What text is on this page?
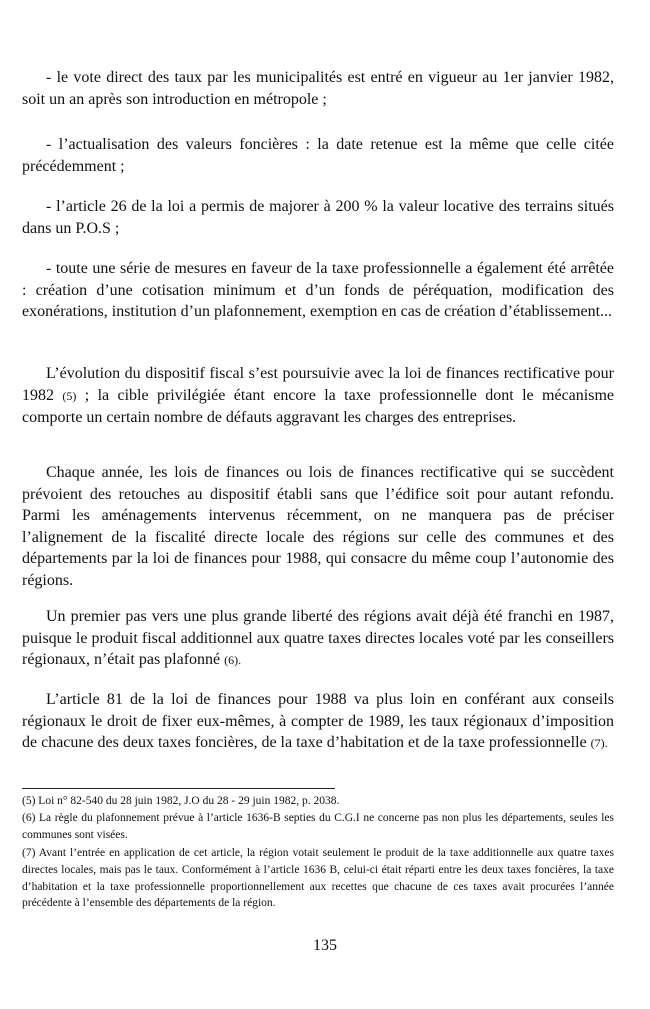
- le vote direct des taux par les municipalités est entré en vigueur au 1er janvier 1982, soit un an après son introduction en métropole ;

- l’actualisation des valeurs foncières : la date retenue est la même que celle citée précédemment ;

- l’article 26 de la loi a permis de majorer à 200 % la valeur locative des terrains situés dans un P.O.S ;

- toute une série de mesures en faveur de la taxe professionnelle a également été arrêtée : création d’une cotisation minimum et d’un fonds de péréquation, modification des exonérations, institution d’un plafonnement, exemption en cas de création d’établissement...

L’évolution du dispositif fiscal s’est poursuivie avec la loi de finances rectificative pour 1982 (5) ; la cible privilégiée étant encore la taxe professionnelle dont le mécanisme comporte un certain nombre de défauts aggravant les charges des entreprises.

Chaque année, les lois de finances ou lois de finances rectificative qui se succèdent prévoient des retouches au dispositif établi sans que l’édifice soit pour autant refondu. Parmi les aménagements intervenus récemment, on ne manquera pas de préciser l’alignement de la fiscalité directe locale des régions sur celle des communes et des départements par la loi de finances pour 1988, qui consacre du même coup l’autonomie des régions.

Un premier pas vers une plus grande liberté des régions avait déjà été franchi en 1987, puisque le produit fiscal additionnel aux quatre taxes directes locales voté par les conseillers régionaux, n’était pas plafonné (6).

L’article 81 de la loi de finances pour 1988 va plus loin en conférant aux conseils régionaux le droit de fixer eux-mêmes, à compter de 1989, les taux régionaux d’imposition de chacune des deux taxes foncières, de la taxe d’habitation et de la taxe professionnelle (7).

(5) Loi n° 82-540 du 28 juin 1982, J.O du 28 - 29 juin 1982, p. 2038.

(6) La règle du plafonnement prévue à l’article 1636-B septies du C.G.I ne concerne pas non plus les départements, seules les communes sont visées.

(7) Avant l’entrée en application de cet article, la région votait seulement le produit de la taxe additionnelle aux quatre taxes directes locales, mais pas le taux. Conformément à l’article 1636 B, celui-ci était réparti entre les deux taxes foncières, la taxe d’habitation et la taxe professionnelle proportionnellement aux recettes que chacune de ces taxes avait procurées l’année précédente à l’ensemble des départements de la région.

135
